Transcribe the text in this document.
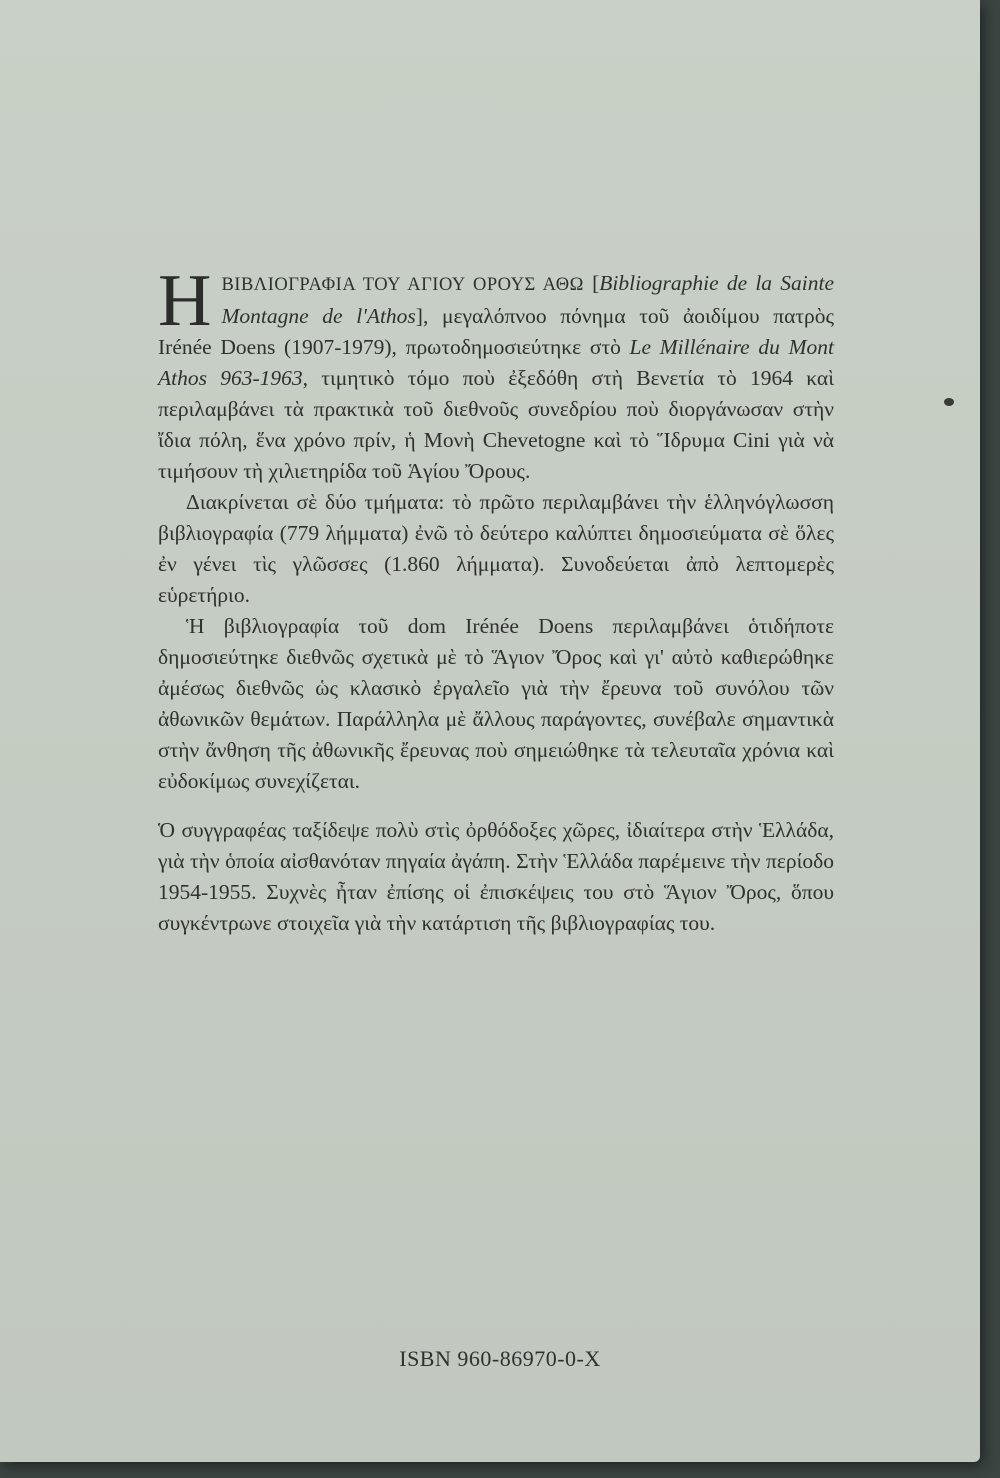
ΗΒΙΒΛΙΟΓΡΑΦΙΑ ΤΟΥ ΑΓΙΟΥ ΟΡΟΥΣ ΑΘΩ [Bibliographie de la Sainte Montagne de l'Athos], μεγαλόπνοο πόνημα τοῦ ἀοιδίμου πατρὸς Irénée Doens (1907-1979), πρωτοδημοσιεύτηκε στὸ Le Millénaire du Mont Athos 963-1963, τιμητικὸ τόμο ποὺ ἐξεδόθη στὴ Βενετία τὸ 1964 καὶ περιλαμβάνει τὰ πρακτικὰ τοῦ διεθνοῦς συνεδρίου ποὺ διοργάνωσαν στὴν ἴδια πόλη, ἕνα χρόνο πρίν, ἡ Μονὴ Chevetogne καὶ τὸ Ἵδρυμα Cini γιὰ νὰ τιμήσουν τὴ χιλιετηρίδα τοῦ Ἁγίου Ὄρους.

Διακρίνεται σὲ δύο τμήματα: τὸ πρῶτο περιλαμβάνει τὴν ἑλληνόγλωσση βιβλιογραφία (779 λήμματα) ἐνῶ τὸ δεύτερο καλύπτει δημοσιεύματα σὲ ὅλες ἐν γένει τὶς γλῶσσες (1.860 λήμματα). Συνοδεύεται ἀπὸ λεπτομερὲς εὑρετήριο.

Ἡ βιβλιογραφία τοῦ dom Irénée Doens περιλαμβάνει ὁτιδήποτε δημοσιεύτηκε διεθνῶς σχετικὰ μὲ τὸ Ἅγιον Ὄρος καὶ γι' αὐτὸ καθιερώθηκε ἀμέσως διεθνῶς ὡς κλασικὸ ἐργαλεῖο γιὰ τὴν ἔρευνα τοῦ συνόλου τῶν ἀθωνικῶν θεμάτων. Παράλληλα μὲ ἄλλους παράγοντες, συνέβαλε σημαντικὰ στὴν ἄνθηση τῆς ἀθωνικῆς ἔρευνας ποὺ σημειώθηκε τὰ τελευταῖα χρόνια καὶ εὐδοκίμως συνεχίζεται.

Ὁ συγγραφέας ταξίδεψε πολὺ στὶς ὀρθόδοξες χῶρες, ἰδιαίτερα στὴν Ἑλλάδα, γιὰ τὴν ὁποία αἰσθανόταν πηγαία ἀγάπη. Στὴν Ἑλλάδα παρέμεινε τὴν περίοδο 1954-1955. Συχνὲς ἦταν ἐπίσης οἱ ἐπισκέψεις του στὸ Ἅγιον Ὄρος, ὅπου συγκέντρωνε στοιχεῖα γιὰ τὴν κατάρτιση τῆς βιβλιογραφίας του.

ISBN 960-86970-0-X
